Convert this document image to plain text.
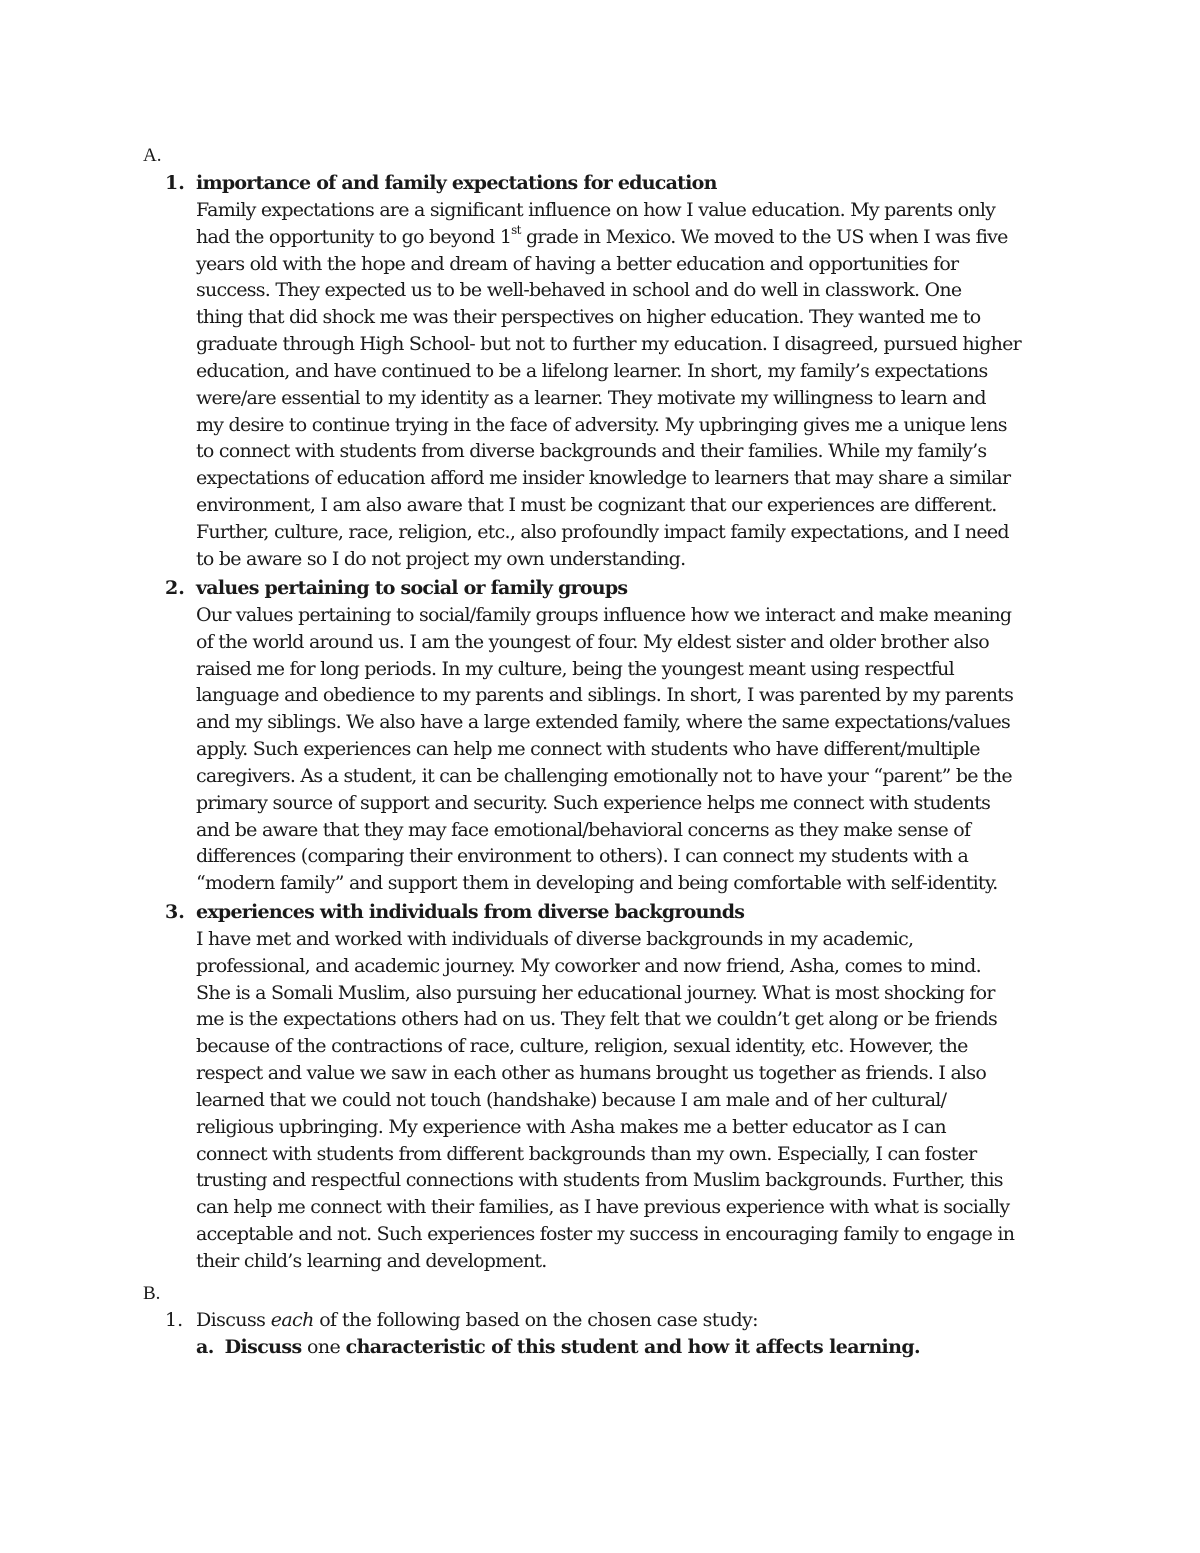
A.
1. importance of and family expectations for education
Family expectations are a significant influence on how I value education. My parents only
had the opportunity to go beyond 1st grade in Mexico. We moved to the US when I was five
years old with the hope and dream of having a better education and opportunities for
success. They expected us to be well-behaved in school and do well in classwork. One
thing that did shock me was their perspectives on higher education. They wanted me to
graduate through High School- but not to further my education. I disagreed, pursued higher
education, and have continued to be a lifelong learner. In short, my family’s expectations
were/are essential to my identity as a learner. They motivate my willingness to learn and
my desire to continue trying in the face of adversity. My upbringing gives me a unique lens
to connect with students from diverse backgrounds and their families. While my family’s
expectations of education afford me insider knowledge to learners that may share a similar
environment, I am also aware that I must be cognizant that our experiences are different.
Further, culture, race, religion, etc., also profoundly impact family expectations, and I need
to be aware so I do not project my own understanding.
2. values pertaining to social or family groups
Our values pertaining to social/family groups influence how we interact and make meaning
of the world around us. I am the youngest of four. My eldest sister and older brother also
raised me for long periods. In my culture, being the youngest meant using respectful
language and obedience to my parents and siblings. In short, I was parented by my parents
and my siblings. We also have a large extended family, where the same expectations/values
apply. Such experiences can help me connect with students who have different/multiple
caregivers. As a student, it can be challenging emotionally not to have your “parent” be the
primary source of support and security. Such experience helps me connect with students
and be aware that they may face emotional/behavioral concerns as they make sense of
differences (comparing their environment to others). I can connect my students with a
“modern family” and support them in developing and being comfortable with self-identity.
3. experiences with individuals from diverse backgrounds
I have met and worked with individuals of diverse backgrounds in my academic,
professional, and academic journey. My coworker and now friend, Asha, comes to mind.
She is a Somali Muslim, also pursuing her educational journey. What is most shocking for
me is the expectations others had on us. They felt that we couldn’t get along or be friends
because of the contractions of race, culture, religion, sexual identity, etc. However, the
respect and value we saw in each other as humans brought us together as friends. I also
learned that we could not touch (handshake) because I am male and of her cultural/
religious upbringing. My experience with Asha makes me a better educator as I can
connect with students from different backgrounds than my own. Especially, I can foster
trusting and respectful connections with students from Muslim backgrounds. Further, this
can help me connect with their families, as I have previous experience with what is socially
acceptable and not. Such experiences foster my success in encouraging family to engage in
their child’s learning and development.
B.
1. Discuss each of the following based on the chosen case study:
a. Discuss one characteristic of this student and how it affects learning.
